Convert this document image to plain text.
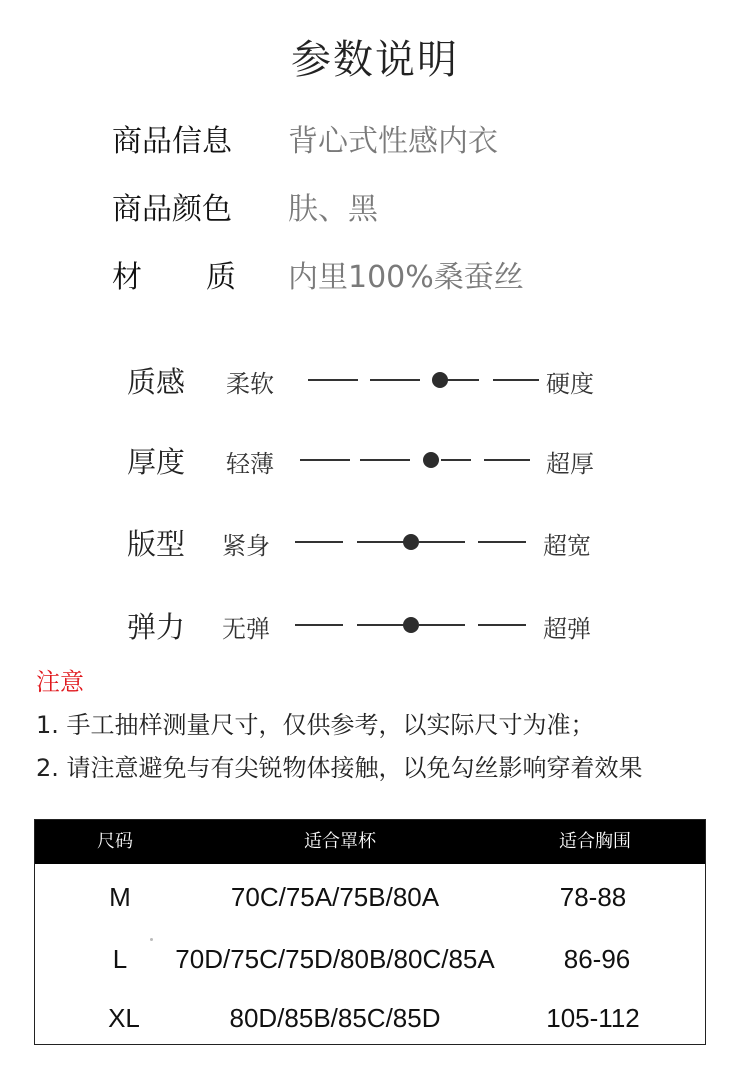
参数说明
商品信息 背心式性感内衣
商品颜色 肤、黑
材 质 内里100%桑蚕丝
质感 柔软	硬度
厚度 轻薄	超厚
版型 紧身	超宽
弹力 无弹	超弹
注意
1. 手工抽样测量尺寸，仅供参考，以实际尺寸为准；
2. 请注意避免与有尖锐物体接触，以免勾丝影响穿着效果
尺码	适合罩杯	适合胸围
M	70C/75A/75B/80A	78-88
L	70D/75C/75D/80B/80C/85A	86-96
XL	80D/85B/85C/85D	105-112
